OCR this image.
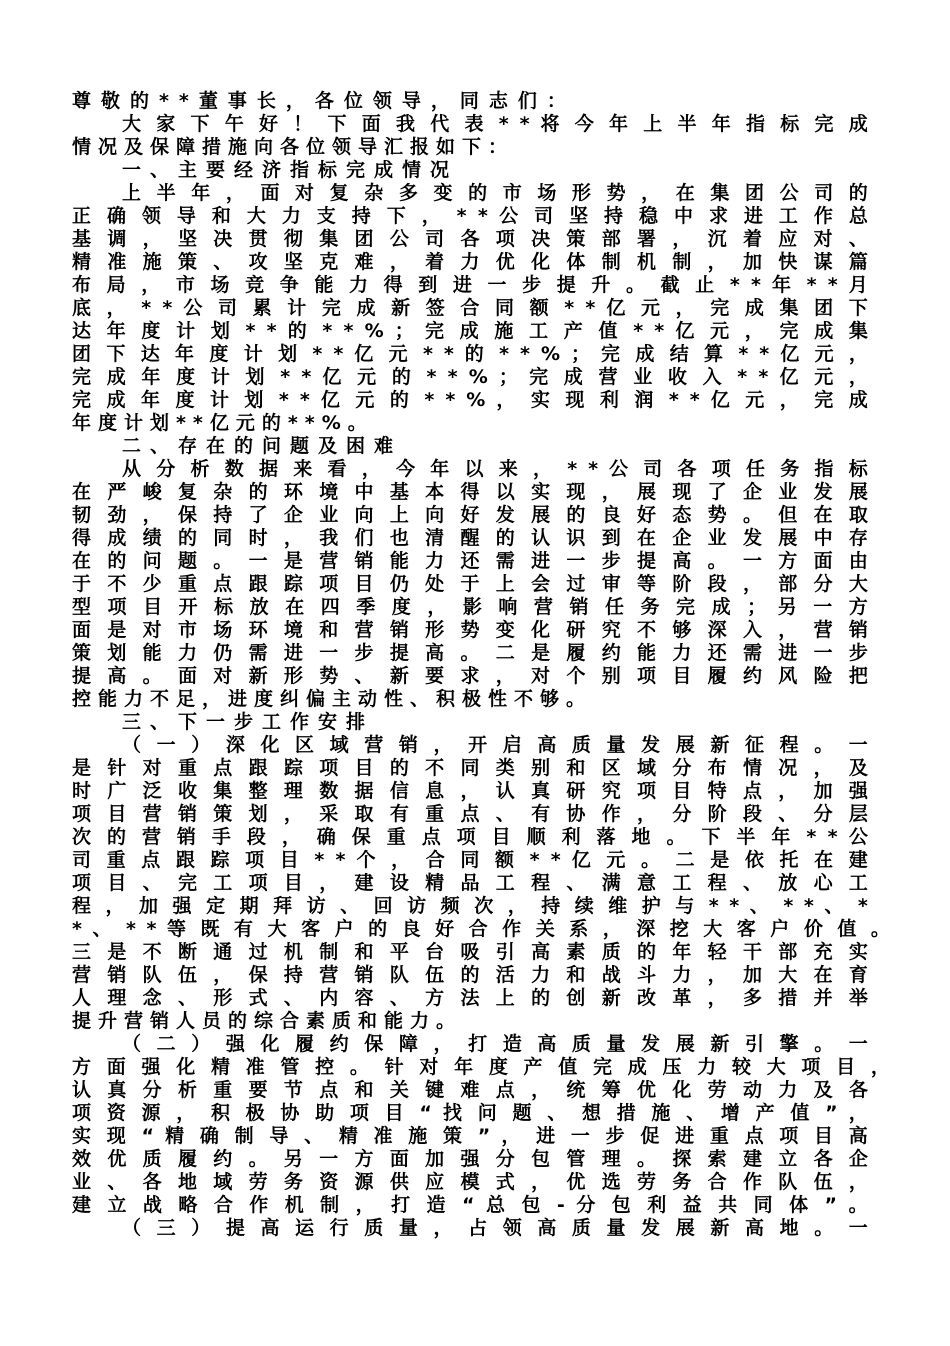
尊敬的**董事长，各位领导，同志们：
大 家 下 午 好 ！ 下 面 我 代 表 * * 将 今 年 上 半 年 指 标 完 成
情况及保障措施向各位领导汇报如下：
一、主要经济指标完成情况
上 半 年 ， 面 对 复 杂 多 变 的 市 场 形 势 ， 在 集 团 公 司 的
正 确 领 导 和 大 力 支 持 下 ， * * 公 司 坚 持 稳 中 求 进 工 作 总
基 调 ， 坚 决 贯 彻 集 团 公 司 各 项 决 策 部 署 ， 沉 着 应 对 、
精 准 施 策 、 攻 坚 克 难 ， 着 力 优 化 体 制 机 制 ， 加 快 谋 篇
布 局 ， 市 场 竞 争 能 力 得 到 进 一 步 提 升 。 截 止 * * 年 * * 月
底 ， * * 公 司 累 计 完 成 新 签 合 同 额 * * 亿 元 ， 完 成 集 团 下
达 年 度 计 划 * * 的 * * % ； 完 成 施 工 产 值 * * 亿 元 ， 完 成 集
团 下 达 年 度 计 划 * * 亿 元 * * 的 * * % ； 完 成 结 算 * * 亿 元 ，
完 成 年 度 计 划 * * 亿 元 的 * * % ； 完 成 营 业 收 入 * * 亿 元 ，
完 成 年 度 计 划 * * 亿 元 的 * * % ， 实 现 利 润 * * 亿 元 ， 完 成
年度计划**亿元的**%。
二、存在的问题及困难
从 分 析 数 据 来 看 ， 今 年 以 来 ， * * 公 司 各 项 任 务 指 标
在 严 峻 复 杂 的 环 境 中 基 本 得 以 实 现 ， 展 现 了 企 业 发 展
韧 劲 ， 保 持 了 企 业 向 上 向 好 发 展 的 良 好 态 势 。 但 在 取
得 成 绩 的 同 时 ， 我 们 也 清 醒 的 认 识 到 在 企 业 发 展 中 存
在 的 问 题 。 一 是 营 销 能 力 还 需 进 一 步 提 高 。 一 方 面 由
于 不 少 重 点 跟 踪 项 目 仍 处 于 上 会 过 审 等 阶 段 ， 部 分 大
型 项 目 开 标 放 在 四 季 度 ， 影 响 营 销 任 务 完 成 ； 另 一 方
面 是 对 市 场 环 境 和 营 销 形 势 变 化 研 究 不 够 深 入 ， 营 销
策 划 能 力 仍 需 进 一 步 提 高 。 二 是 履 约 能 力 还 需 进 一 步
提 高 。 面 对 新 形 势 、 新 要 求 ， 对 个 别 项 目 履 约 风 险 把
控能力不足，进度纠偏主动性、积极性不够。
三、下一步工作安排
（ 一 ） 深 化 区 域 营 销 ， 开 启 高 质 量 发 展 新 征 程 。 一
是 针 对 重 点 跟 踪 项 目 的 不 同 类 别 和 区 域 分 布 情 况 ， 及
时 广 泛 收 集 整 理 数 据 信 息 ， 认 真 研 究 项 目 特 点 ， 加 强
项 目 营 销 策 划 ， 采 取 有 重 点 、 有 协 作 ， 分 阶 段 、 分 层
次 的 营 销 手 段 ， 确 保 重 点 项 目 顺 利 落 地 。 下 半 年 * * 公
司 重 点 跟 踪 项 目 * * 个 ， 合 同 额 * * 亿 元 。 二 是 依 托 在 建
项 目 、 完 工 项 目 ， 建 设 精 品 工 程 、 满 意 工 程 、 放 心 工
程 ， 加 强 定 期 拜 访 、 回 访 频 次 ， 持 续 维 护 与 * * 、 * * 、 *
* 、 * * 等 既 有 大 客 户 的 良 好 合 作 关 系 ， 深 挖 大 客 户 价 值 。
三 是 不 断 通 过 机 制 和 平 台 吸 引 高 素 质 的 年 轻 干 部 充 实
营 销 队 伍 ， 保 持 营 销 队 伍 的 活 力 和 战 斗 力 ， 加 大 在 育
人 理 念 、 形 式 、 内 容 、 方 法 上 的 创 新 改 革 ， 多 措 并 举
提升营销人员的综合素质和能力。
（ 二 ） 强 化 履 约 保 障 ， 打 造 高 质 量 发 展 新 引 擎 。 一
方 面 强 化 精 准 管 控 。 针 对 年 度 产 值 完 成 压 力 较 大 项 目 ，
认 真 分 析 重 要 节 点 和 关 键 难 点 ， 统 筹 优 化 劳 动 力 及 各
项 资 源 ， 积 极 协 助 项 目 “ 找 问 题 、 想 措 施 、 增 产 值 ” ，
实 现 “ 精 确 制 导 、 精 准 施 策 ” ， 进 一 步 促 进 重 点 项 目 高
效 优 质 履 约 。 另 一 方 面 加 强 分 包 管 理 。 探 索 建 立 各 企
业 、 各 地 域 劳 务 资 源 供 应 模 式 ， 优 选 劳 务 合 作 队 伍 ，
建 立 战 略 合 作 机 制 ， 打 造 “ 总 包 - 分 包 利 益 共 同 体 ” 。
（ 三 ） 提 高 运 行 质 量 ， 占 领 高 质 量 发 展 新 高 地 。 一
